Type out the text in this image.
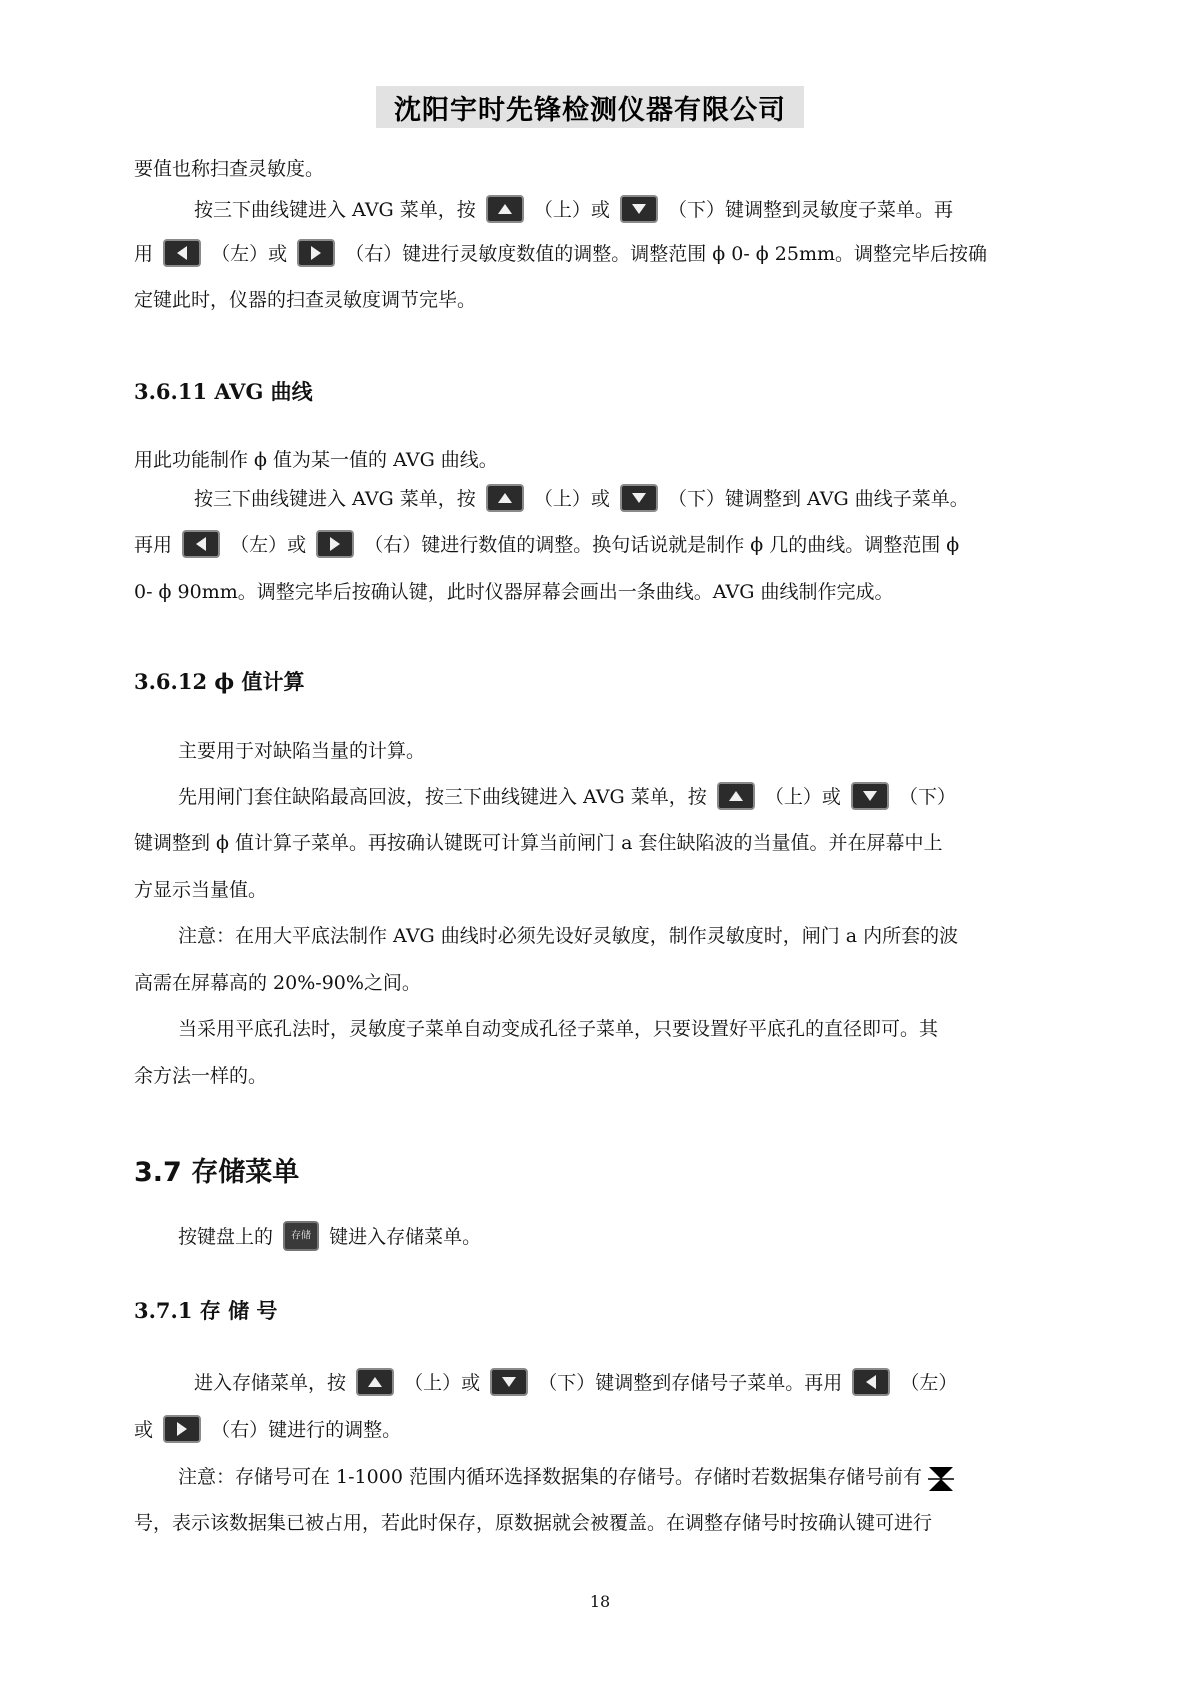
沈阳宇时先锋检测仪器有限公司

要值也称扫查灵敏度。

按三下曲线键进入 AVG 菜单，按	（上）或	（下）键调整到灵敏度子菜单。再

用	（左）或	（右）键进行灵敏度数值的调整。调整范围 ϕ 0- ϕ 25mm。调整完毕后按确

定键此时，仪器的扫查灵敏度调节完毕。

3.6.11 AVG 曲线

用此功能制作 ϕ 值为某一值的 AVG 曲线。

按三下曲线键进入 AVG 菜单，按	（上）或	（下）键调整到 AVG 曲线子菜单。

再用	（左）或	（右）键进行数值的调整。换句话说就是制作 ϕ 几的曲线。调整范围 ϕ

0- ϕ 90mm。调整完毕后按确认键，此时仪器屏幕会画出一条曲线。AVG 曲线制作完成。

3.6.12 ϕ 值计算

主要用于对缺陷当量的计算。

先用闸门套住缺陷最高回波，按三下曲线键进入 AVG 菜单，按	（上）或	（下）

键调整到 ϕ 值计算子菜单。再按确认键既可计算当前闸门 a 套住缺陷波的当量值。并在屏幕中上

方显示当量值。

注意：在用大平底法制作 AVG 曲线时必须先设好灵敏度，制作灵敏度时，闸门 a 内所套的波

高需在屏幕高的 20%-90%之间。

当采用平底孔法时，灵敏度子菜单自动变成孔径子菜单，只要设置好平底孔的直径即可。其

余方法一样的。

3.7 存储菜单

按键盘上的	存储 键进入存储菜单。

3.7.1 存 储 号

进入存储菜单，按	（上）或	（下）键调整到存储号子菜单。再用	（左）

或	（右）键进行的调整。

注意：存储号可在 1-1000 范围内循环选择数据集的存储号。存储时若数据集存储号前有

号，表示该数据集已被占用，若此时保存，原数据就会被覆盖。在调整存储号时按确认键可进行

18
